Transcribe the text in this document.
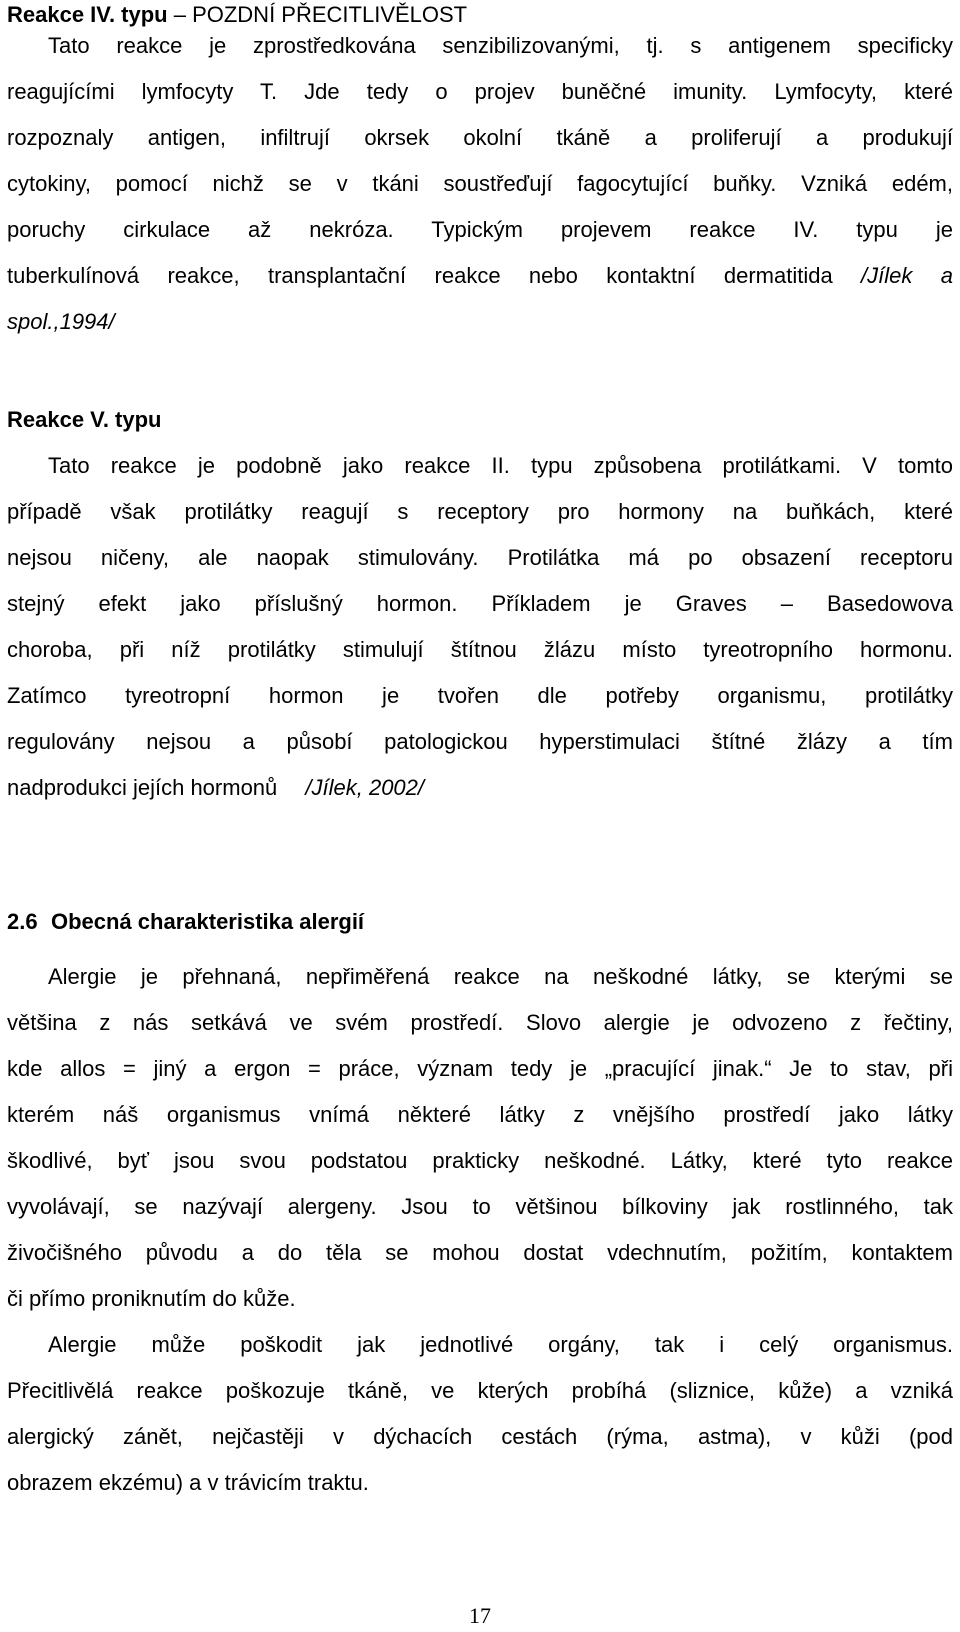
Reakce IV. typu – POZDNÍ PŘECITLIVĚLOST
Tato reakce je zprostředkována senzibilizovanými, tj. s antigenem specificky
reagujícími lymfocyty T. Jde tedy o projev buněčné imunity. Lymfocyty, které
rozpoznaly antigen, infiltrují okrsek okolní tkáně a proliferují a produkují
cytokiny, pomocí nichž se v tkáni soustřeďují fagocytující buňky. Vzniká edém,
poruchy cirkulace až nekróza. Typickým projevem reakce IV. typu je
tuberkulínová reakce, transplantační reakce nebo kontaktní dermatitida /Jílek a
spol.,1994/
Reakce V. typu
Tato reakce je podobně jako reakce II. typu způsobena protilátkami. V tomto
případě však protilátky reagují s receptory pro hormony na buňkách, které
nejsou ničeny, ale naopak stimulovány. Protilátka má po obsazení receptoru
stejný efekt jako příslušný hormon. Příkladem je Graves – Basedowova
choroba, při níž protilátky stimulují štítnou žlázu místo tyreotropního hormonu.
Zatímco tyreotropní hormon je tvořen dle potřeby organismu, protilátky
regulovány nejsou a působí patologickou hyperstimulaci štítné žlázy a tím
nadprodukci jejích hormonů  /Jílek, 2002/
2.6 Obecná charakteristika alergií
Alergie je přehnaná, nepřiměřená reakce na neškodné látky, se kterými se
většina z nás setkává ve svém prostředí. Slovo alergie je odvozeno z řečtiny,
kde allos = jiný a ergon = práce, význam tedy je „pracující jinak.“ Je to stav, při
kterém náš organismus vnímá některé látky z vnějšího prostředí jako látky
škodlivé, byť jsou svou podstatou prakticky neškodné. Látky, které tyto reakce
vyvolávají, se nazývají alergeny. Jsou to většinou bílkoviny jak rostlinného, tak
živočišného původu a do těla se mohou dostat vdechnutím, požitím, kontaktem
či přímo proniknutím do kůže.
Alergie může poškodit jak jednotlivé orgány, tak i celý organismus.
Přecitlivělá reakce poškozuje tkáně, ve kterých probíhá (sliznice, kůže) a vzniká
alergický zánět, nejčastěji v dýchacích cestách (rýma, astma), v kůži (pod
obrazem ekzému) a v trávicím traktu.
17
